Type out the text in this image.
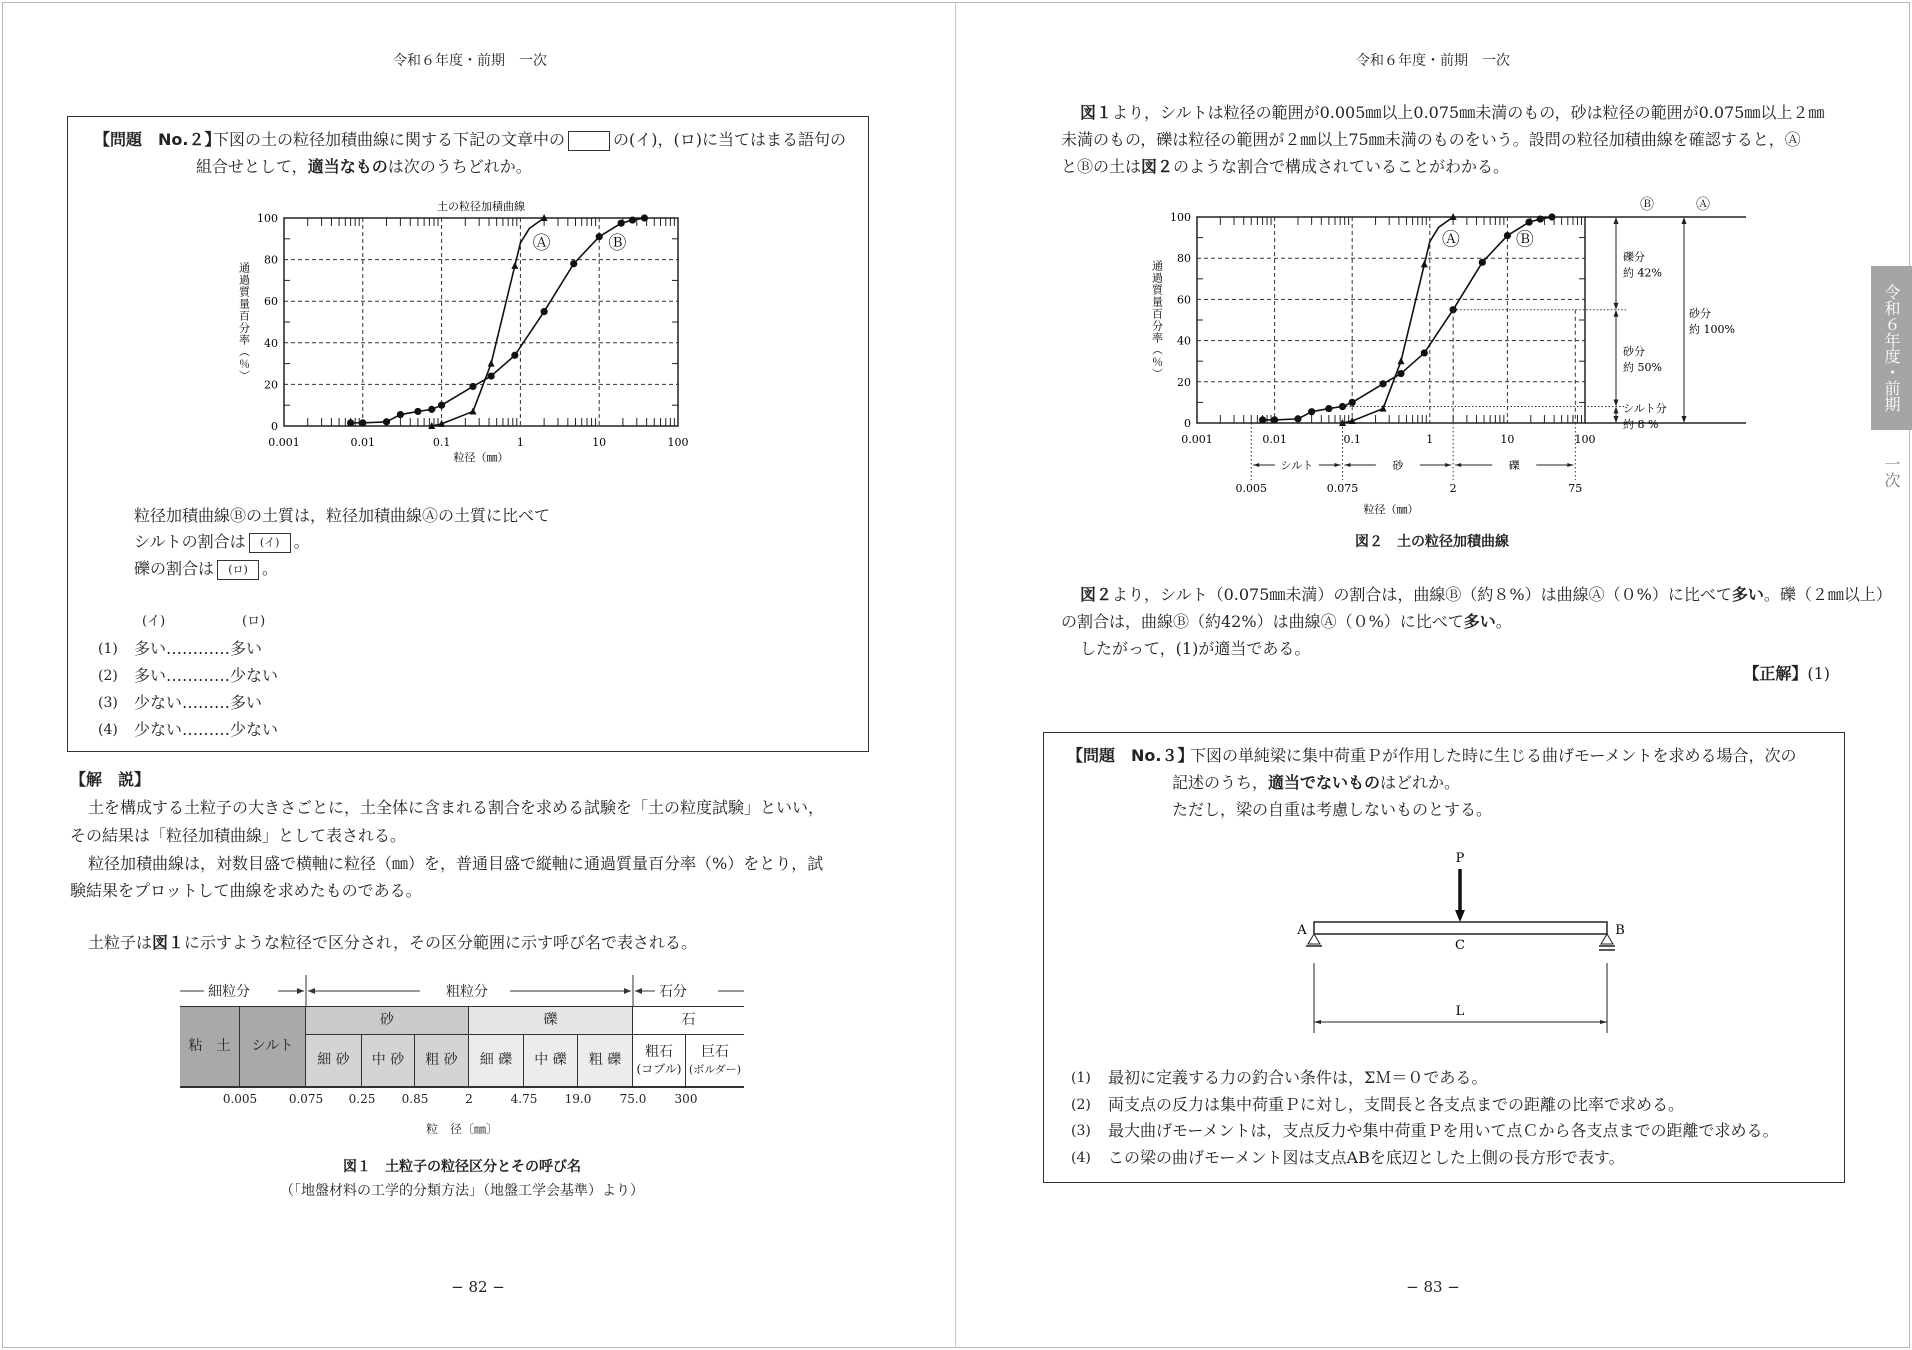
令和６年度・前期　一次
【問題　No.２】
下図の土の粒径加積曲線に関する下記の文章中の	の(イ)，(ロ)に当てはまる語句の
組合せとして，適当なものは次のうちどれか。
0.001	0.01	0.1	1	10	100
0
20
40
60
80
100
土の粒径加積曲線
粒径（㎜）
通過質量百分率（％）
Ⓐ	Ⓑ
粒径加積曲線Ⓑの土質は，粒径加積曲線Ⓐの土質に比べて
シルトの割合は (イ) 。
礫の割合は (ロ) 。
(イ)	(ロ)
(1) 多い…………多い
(2) 多い…………少ない
(3) 少ない………多い
(4) 少ない………少ない
【解　説】
土を構成する土粒子の大きさごとに，土全体に含まれる割合を求める試験を「土の粒度試験」といい，
その結果は「粒径加積曲線」として表される。
粒径加積曲線は，対数目盛で横軸に粒径（㎜）を，普通目盛で縦軸に通過質量百分率（%）をとり，試
験結果をプロットして曲線を求めたものである。
土粒子は図１に示すような粒径で区分され，その区分範囲に示す呼び名で表される。
細粒分	粗粒分	石分
粘　土	シルト
砂	礫	石
細 砂	中 砂	粗 砂	細 礫	中 礫	粗 礫
粗石
(コブル)
巨石
(ボルダー)
0.005	0.075 0.25 0.85	2	4.75 19.0 75.0 300
粒　径〔㎜〕
図１　土粒子の粒径区分とその呼び名
（「地盤材料の工学的分類方法」（地盤工学会基準）より）
− 82 −
令和６年度・前期　一次
令和６年度・前期
一次
図１より，シルトは粒径の範囲が0.005㎜以上0.075㎜未満のもの，砂は粒径の範囲が0.075㎜以上２㎜
未満のもの，礫は粒径の範囲が２㎜以上75㎜未満のものをいう。設問の粒径加積曲線を確認すると，Ⓐ
とⒷの土は図２のような割合で構成されていることがわかる。
0.001	0.01	0.1	1	10	100
0
20
40
60
80
100
粒径（㎜）
通過質量百分率（％）
Ⓐ	Ⓑ
0.005	0.075	2	75
シルト	砂	礫
Ⓑ	Ⓐ
礫分
約 42%
砂分
約 50%
シルト分
約 8 %
砂分
約 100%
図２　土の粒径加積曲線
図２より，シルト（0.075㎜未満）の割合は，曲線Ⓑ（約８%）は曲線Ⓐ（０%）に比べて多い。礫（２㎜以上）
の割合は，曲線Ⓑ（約42%）は曲線Ⓐ（０%）に比べて多い。
したがって，(1)が適当である。
【正解】(1)
【問題　No.３】
下図の単純梁に集中荷重Ｐが作用した時に生じる曲げモーメントを求める場合，次の
記述のうち，適当でないものはどれか。
ただし，梁の自重は考慮しないものとする。
P
A	B
C
L
(1) 最初に定義する力の釣合い条件は，ΣＭ＝０である。
(2) 両支点の反力は集中荷重Ｐに対し，支間長と各支点までの距離の比率で求める。
(3) 最大曲げモーメントは，支点反力や集中荷重Ｐを用いて点Ｃから各支点までの距離で求める。
(4) この梁の曲げモーメント図は支点ABを底辺とした上側の長方形で表す。
− 83 −
